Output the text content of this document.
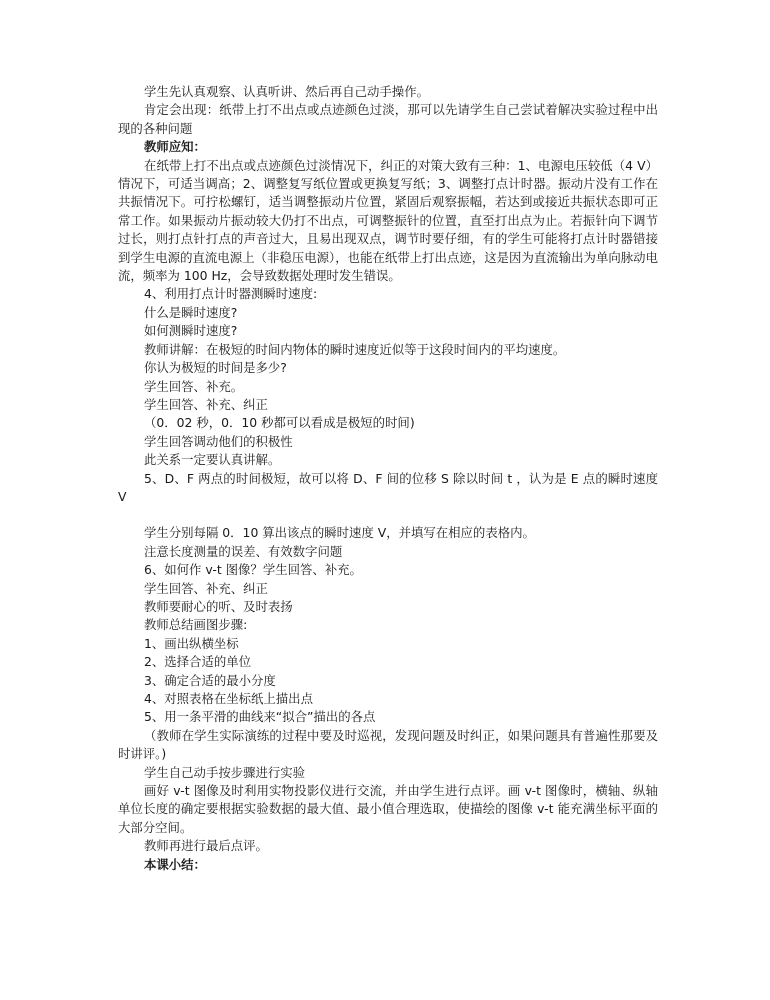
学生先认真观察、认真听讲、然后再自己动手操作。

肯定会出现：纸带上打不出点或点迹颜色过淡，那可以先请学生自己尝试着解决实验过程中出现的各种问题

教师应知：

在纸带上打不出点或点迹颜色过淡情况下，纠正的对策大致有三种：1、电源电压较低（4 V）情况下，可适当调高；2、调整复写纸位置或更换复写纸；3、调整打点计时器。振动片没有工作在共振情况下。可拧松螺钉，适当调整振动片位置，紧固后观察振幅，若达到或接近共振状态即可正常工作。如果振动片振动较大仍打不出点，可调整振针的位置，直至打出点为止。若振针向下调节过长，则打点针打点的声音过大，且易出现双点，调节时要仔细，有的学生可能将打点计时器错接到学生电源的直流电源上（非稳压电源），也能在纸带上打出点迹，这是因为直流输出为单向脉动电流，频率为 100 Hz，会导致数据处理时发生错误。

4、利用打点计时器测瞬时速度:

什么是瞬时速度?

如何测瞬时速度?

教师讲解：在极短的时间内物体的瞬时速度近似等于这段时间内的平均速度。

你认为极短的时间是多少?

学生回答、补充。

学生回答、补充、纠正

（0．02 秒，0．10 秒都可以看成是极短的时间)

学生回答调动他们的积极性

此关系一定要认真讲解。

5、D、F 两点的时间极短，故可以将 D、F 间的位移 S 除以时间 t ，认为是 E 点的瞬时速度 V

学生分别每隔 0．10 算出该点的瞬时速度 V，并填写在相应的表格内。

注意长度测量的误差、有效数字问题

6、如何作 v-t 图像？学生回答、补充。

学生回答、补充、纠正

教师要耐心的听、及时表扬

教师总结画图步骤:

1、画出纵横坐标

2、选择合适的单位

3、确定合适的最小分度

4、对照表格在坐标纸上描出点

5、用一条平滑的曲线来“拟合”描出的各点

（教师在学生实际演练的过程中要及时巡视，发现问题及时纠正，如果问题具有普遍性那要及时讲评。)

学生自己动手按步骤进行实验

画好 v-t 图像及时利用实物投影仪进行交流，并由学生进行点评。画 v-t 图像时，横轴、纵轴单位长度的确定要根据实验数据的最大值、最小值合理选取，使描绘的图像 v-t 能充满坐标平面的大部分空间。

教师再进行最后点评。

本课小结：
